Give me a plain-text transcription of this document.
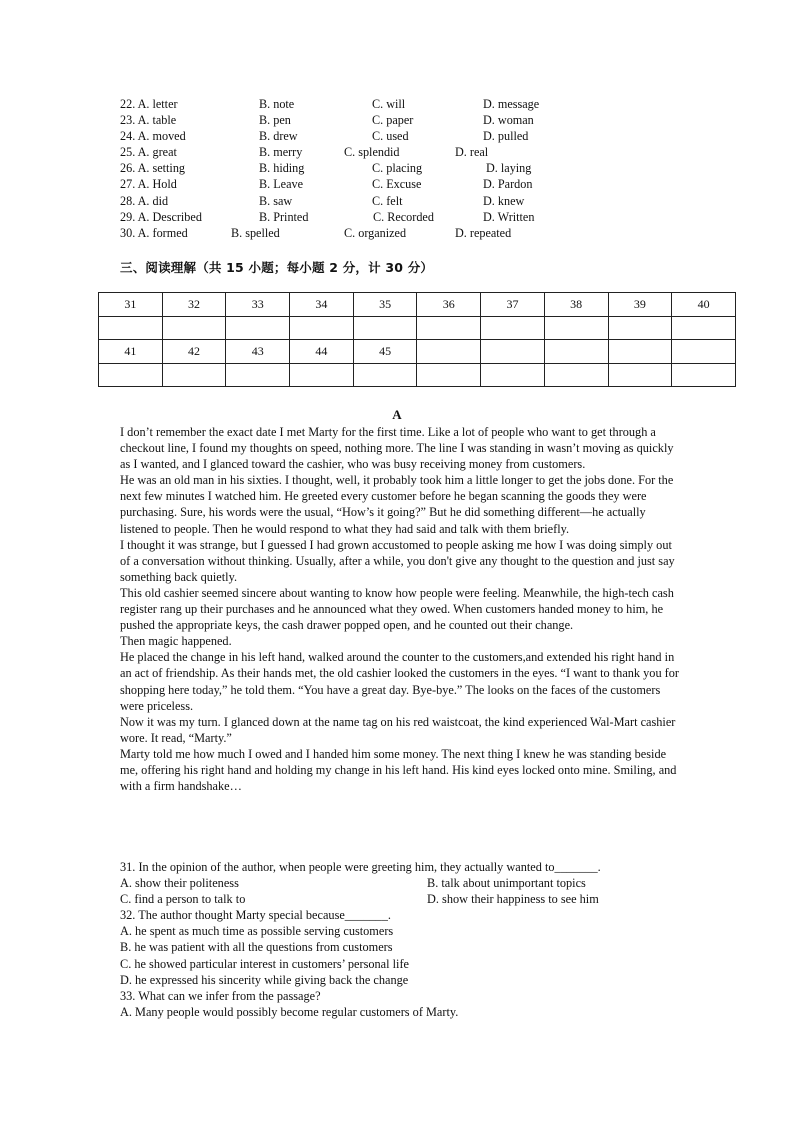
22. A. letter	B. note	C. will	D. message
23. A. table	B. pen	C. paper	D. woman
24. A. moved	B. drew	C. used	D. pulled
25. A. great	B. merry	C. splendid	D. real
26. A. setting	B. hiding	C. placing	D. laying
27. A. Hold	B. Leave	C. Excuse	D. Pardon
28. A. did	B. saw	C. felt	D. knew
29. A. Described	B. Printed	C. Recorded	D. Written
30. A. formed	B. spelled	C. organized	D. repeated
三、阅读理解（共 15 小题；每小题 2 分，计 30 分）
31	32	33	34	35	36	37	38	39	40

41	42	43	44	45					

A

I don’t remember the exact date I met Marty for the first time. Like a lot of people who want to get through a checkout line, I found my thoughts on speed, nothing more. The line I was standing in wasn’t moving as quickly as I wanted, and I glanced toward the cashier, who was busy receiving money from customers.

He was an old man in his sixties. I thought, well, it probably took him a little longer to get the jobs done. For the next few minutes I watched him. He greeted every customer before he began scanning the goods they were purchasing. Sure, his words were the usual, “How’s it going?” But he did something different—he actually listened to people. Then he would respond to what they had said and talk with them briefly.

I thought it was strange, but I guessed I had grown accustomed to people asking me how I was doing simply out of a conversation without thinking. Usually, after a while, you don't give any thought to the question and just say something back quietly.

This old cashier seemed sincere about wanting to know how people were feeling. Meanwhile, the high-tech cash register rang up their purchases and he announced what they owed. When customers handed money to him, he pushed the appropriate keys, the cash drawer popped open, and he counted out their change.

Then magic happened.

He placed the change in his left hand, walked around the counter to the customers,and extended his right hand in an act of friendship. As their hands met, the old cashier looked the customers in the eyes. “I want to thank you for shopping here today,” he told them. “You have a great day. Bye-bye.” The looks on the faces of the customers were priceless.

Now it was my turn. I glanced down at the name tag on his red waistcoat, the kind experienced Wal-Mart cashier wore. It read, “Marty.”

Marty told me how much I owed and I handed him some money. The next thing I knew he was standing beside me, offering his right hand and holding my change in his left hand. His kind eyes locked onto mine. Smiling, and with a firm handshake…

31. In the opinion of the author, when people were greeting him, they actually wanted to_______.

A. show their politeness	B. talk about unimportant topics
C. find a person to talk to	D. show their happiness to see him

32. The author thought Marty special because_______.

A. he spent as much time as possible serving customers

B. he was patient with all the questions from customers

C. he showed particular interest in customers’ personal life

D. he expressed his sincerity while giving back the change

33. What can we infer from the passage?

A. Many people would possibly become regular customers of Marty.
